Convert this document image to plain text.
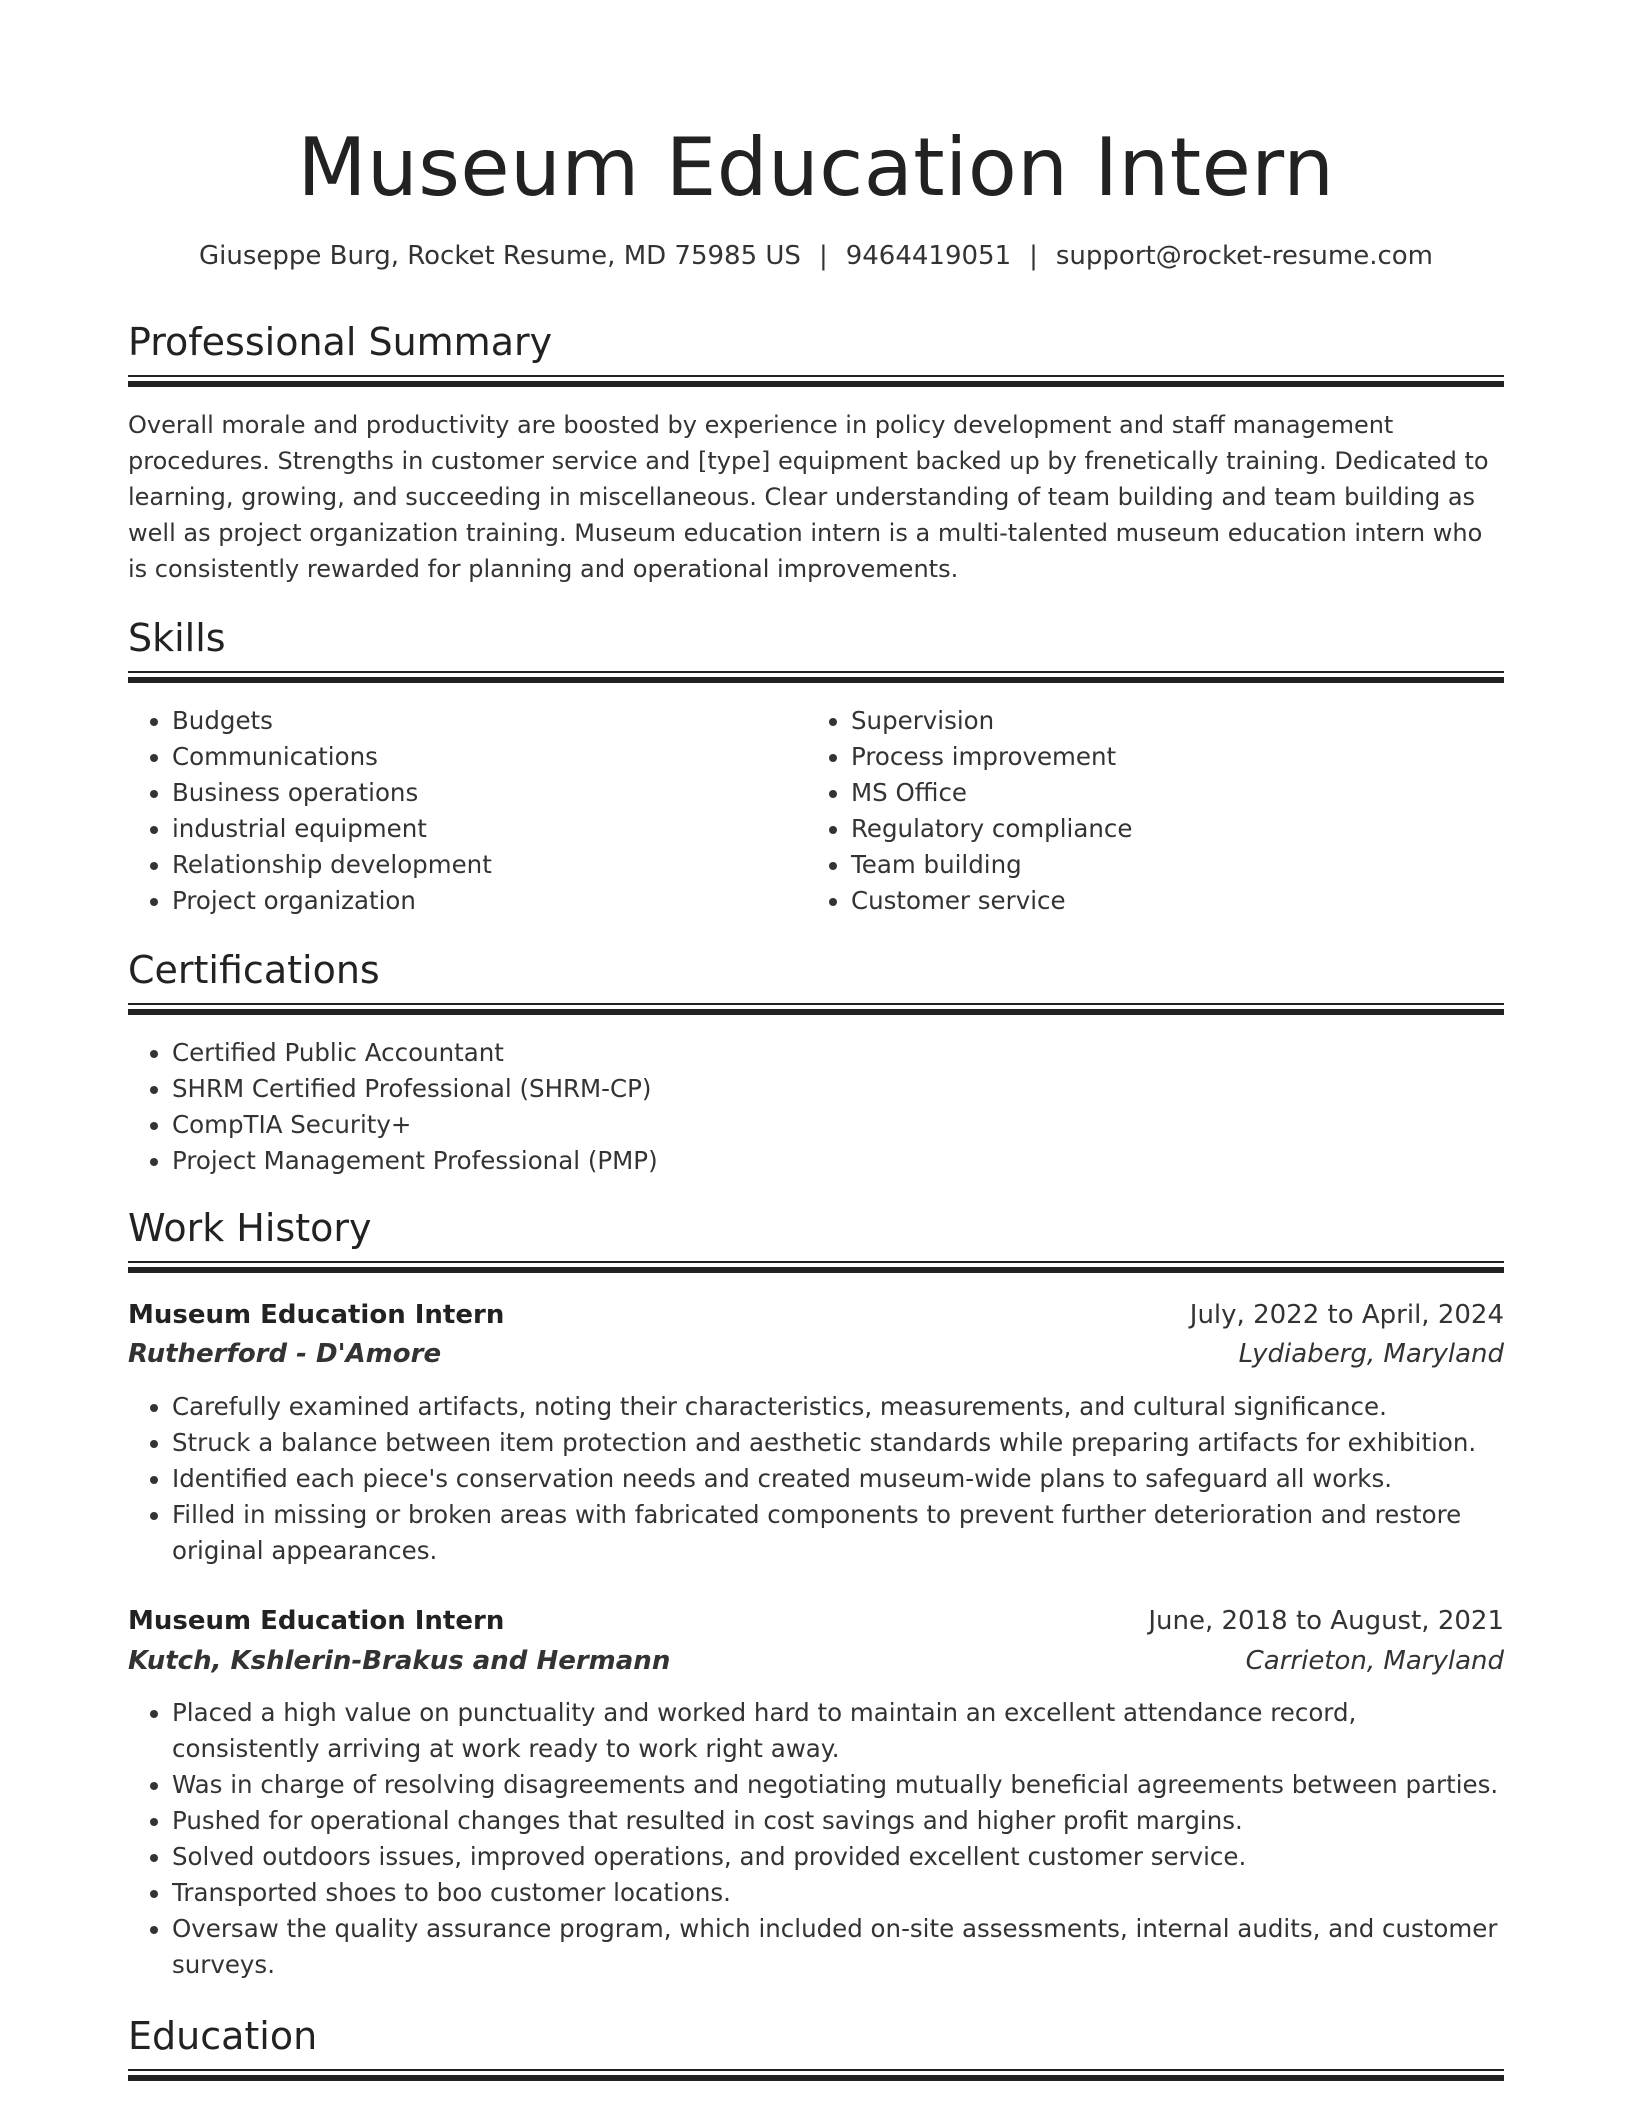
Museum Education Intern
Giuseppe Burg, Rocket Resume, MD 75985 US | 9464419051 | support@rocket-resume.com
Professional Summary

Overall morale and productivity are boosted by experience in policy development and staff management procedures. Strengths in customer service and [type] equipment backed up by frenetically training. Dedicated to learning, growing, and succeeding in miscellaneous. Clear understanding of team building and team building as well as project organization training. Museum education intern is a multi-talented museum education intern who is consistently rewarded for planning and operational improvements.

Skills
• Budgets
• Communications
• Business operations
• industrial equipment
• Relationship development
• Project organization
• Supervision
• Process improvement
• MS Office
• Regulatory compliance
• Team building
• Customer service
Certifications
• Certified Public Accountant
• SHRM Certified Professional (SHRM-CP)
• CompTIA Security+
• Project Management Professional (PMP)
Work History
Museum Education Intern	July, 2022 to April, 2024
Rutherford - D'Amore	Lydiaberg, Maryland
• Carefully examined artifacts, noting their characteristics, measurements, and cultural significance.
• Struck a balance between item protection and aesthetic standards while preparing artifacts for exhibition.
• Identified each piece's conservation needs and created museum-wide plans to safeguard all works.
• Filled in missing or broken areas with fabricated components to prevent further deterioration and restore original appearances.
Museum Education Intern	June, 2018 to August, 2021
Kutch, Kshlerin-Brakus and Hermann	Carrieton, Maryland
• Placed a high value on punctuality and worked hard to maintain an excellent attendance record, consistently arriving at work ready to work right away.
• Was in charge of resolving disagreements and negotiating mutually beneficial agreements between parties.
• Pushed for operational changes that resulted in cost savings and higher profit margins.
• Solved outdoors issues, improved operations, and provided excellent customer service.
• Transported shoes to boo customer locations.
• Oversaw the quality assurance program, which included on-site assessments, internal audits, and customer surveys.
Education
